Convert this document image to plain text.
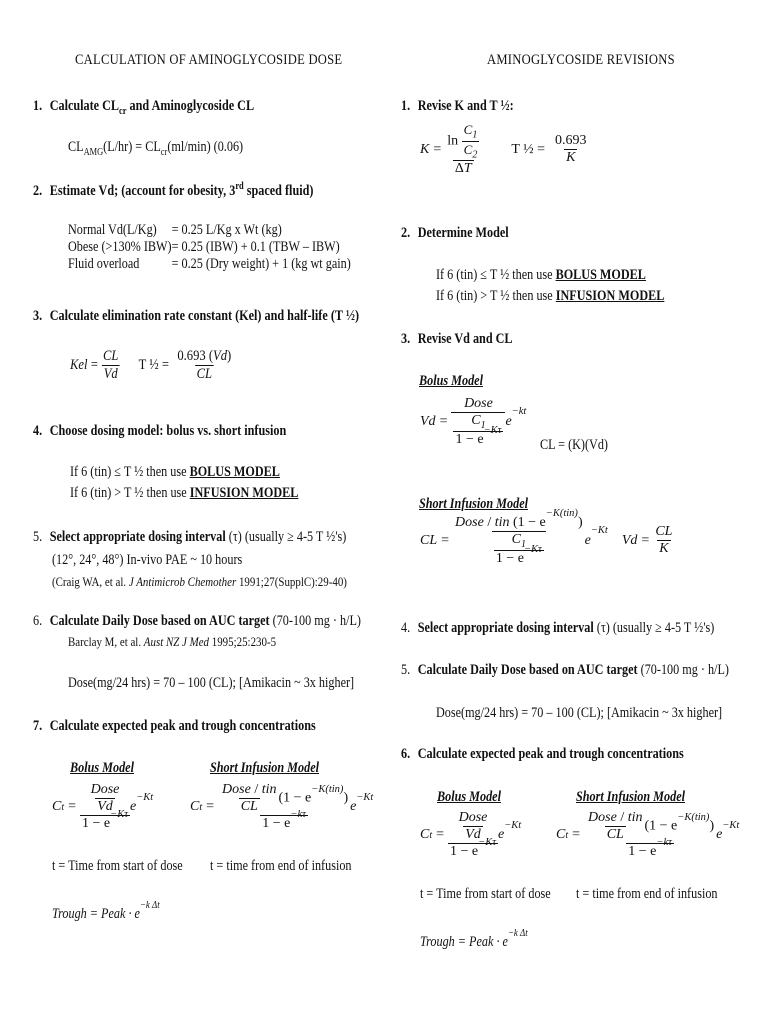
CALCULATION OF AMINOGLYCOSIDE DOSE
1. Calculate $CL_{cr}$ and Aminoglycoside CL
$CL_{AMG}(L/hr) = CL_{cr}(ml/\min)$ (0.06)
2. Estimate Vd; (account for obesity, 3rd spaced fluid)
Normal Vd(L/Kg)	= 0.25 L/Kg x Wt (kg)
Obese (>130% IBW)	= 0.25 (IBW) + 0.1 (TBW – IBW)
Fluid overload	= 0.25 (Dry weight) + 1 (kg wt gain)
3. Calculate elimination rate constant (Kel) and half-life (T ½)
Kel = $\frac{CL}{Vd}$ T ½ = $\frac{0.693 (Vd)}{CL}$
4. Choose dosing model: bolus vs. short infusion
If 6 (tin) ≤ T ½ then use BOLUS MODEL
If 6 (tin) > T ½ then use INFUSION MODEL
5. Select appropriate dosing interval (τ) (usually ≥ 4-5 T ½'s)
(12°, 24°, 48°) In-vivo PAE ~ 10 hours
(Craig WA, et al. J Antimicrob Chemother 1991;27(SupplC):29-40)
6. Calculate Daily Dose based on AUC target (70-100 mg · h/L)
Barclay M, et al. Aust NZ J Med 1995;25:230-5
Dose(mg/24 hrs) = 70 – 100 (CL); [Amikacin ~ 3x higher]
7. Calculate expected peak and trough concentrations
Bolus Model	Short Infusion Model
C $t = \frac{\frac{\text{Dose}}{Vd}}{1 - e^{-K\tau}}$ e
−Kt
t = Time from start of dose
C $t = \frac{\frac{\text{Dose / tin}}{CL} (1 - e^{-K(tin)})}{1 - e^{-k\tau}}$ e
−Kt
t = time from end of infusion
Trough = Peak · $e^{-k \Delta t}$
AMINOGLYCOSIDE REVISIONS
1. Revise K and T ½:
$K = \frac{\ln \frac{C_1}{C_2}}{\Delta T}$ T ½ = $\frac{0.693}{K}$
2. Determine Model
If 6 (tin) ≤ T ½ then use BOLUS MODEL
If 6 (tin) > T ½ then use INFUSION MODEL
3. Revise Vd and CL
Bolus Model
$Vd = \frac{\text{Dose}}{\frac{C_1}{1 - e^{-K\tau}}}$ e
−kt
CL = (K)(Vd)
Short Infusion Model
CL = $\frac{Dose / tin (1 - e^{-K(tin)})}{\frac{C_1}{1 - e^{-K\tau}}}$ e
−Kt
$Vd = \frac{CL}{K}$
4. Select appropriate dosing interval (τ) (usually ≥ 4-5 T ½'s)
5. Calculate Daily Dose based on AUC target (70-100 mg · h/L)
Dose(mg/24 hrs) = 70 – 100 (CL); [Amikacin ~ 3x higher]
6. Calculate expected peak and trough concentrations
Bolus Model	Short Infusion Model
C $t = \frac{\frac{\text{Dose}}{Vd}}{1 - e^{-K\tau}}$ e
−Kt
t = Time from start of dose
C $t = \frac{\frac{\text{Dose / tin}}{CL} (1 - e^{-K(tin)})}{1 - e^{-k\tau}}$ e
−Kt
t = time from end of infusion
Trough = Peak · $e^{-k \Delta t}$
